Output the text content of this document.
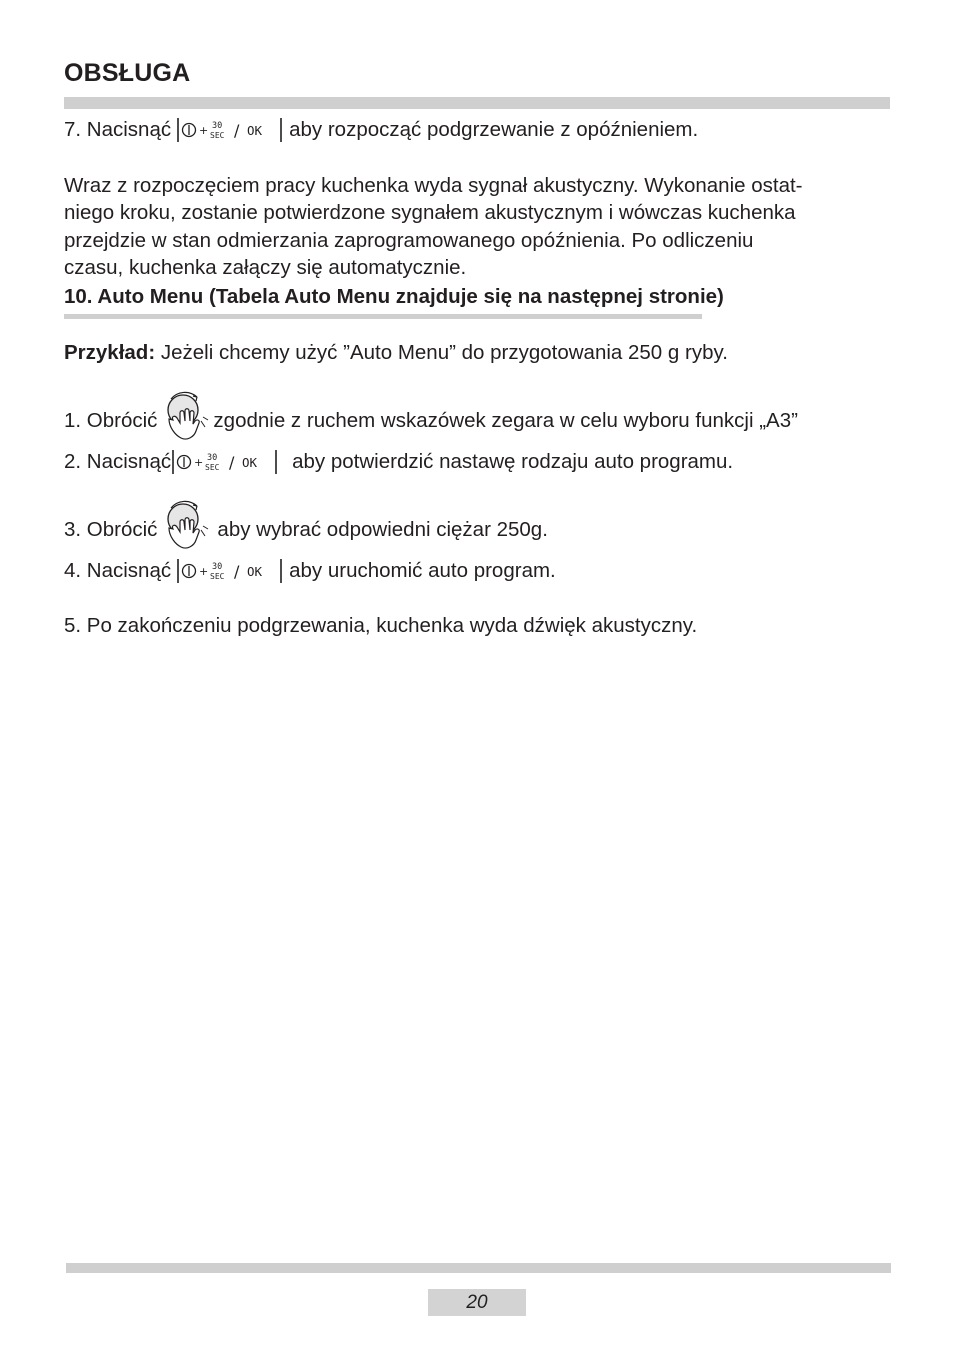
OBSŁUGA
7. Nacisnąć	+ 30
SEC / OK aby rozpocząć podgrzewanie z opóźnieniem.
Wraz z rozpoczęciem pracy kuchenka wyda sygnał akustyczny. Wykonanie ostat-
niego kroku, zostanie potwierdzone sygnałem akustycznym i wówczas kuchenka
przejdzie w stan odmierzania zaprogramowanego opóźnienia. Po odliczeniu
czasu, kuchenka załączy się automatycznie.
10. Auto Menu (Tabela Auto Menu znajduje się na następnej stronie)
Przykład: Jeżeli chcemy użyć ”Auto Menu” do przygotowania 250 g ryby.
1. Obrócić	zgodnie z ruchem wskazówek zegara w celu wyboru funkcji „A3”
2. Nacisnąć + 30
SEC / OK aby potwierdzić nastawę rodzaju auto programu.
3. Obrócić	aby wybrać odpowiedni ciężar 250g.
4. Nacisnąć	+ 30
SEC / OK aby uruchomić auto program.
5. Po zakończeniu podgrzewania, kuchenka wyda dźwięk akustyczny.
20
